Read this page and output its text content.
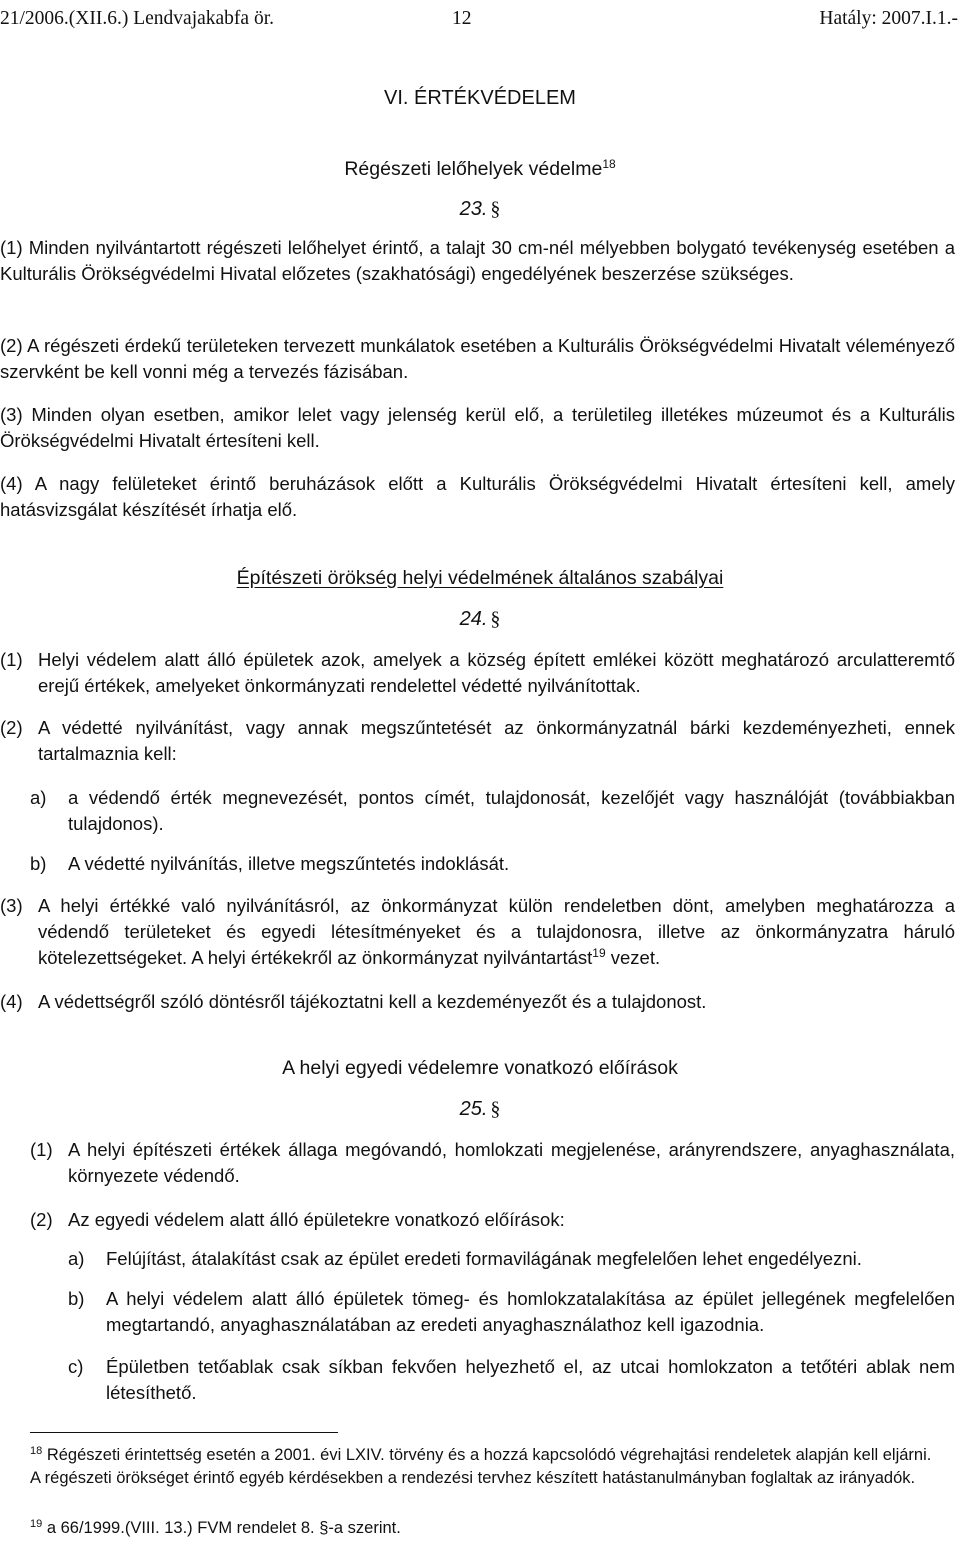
21/2006.(XII.6.) Lendvajakabfa ör.	12	Hatály: 2007.I.1.-
VI. ÉRTÉKVÉDELEM
Régészeti lelőhelyek védelme$^{18}$
23. §
(1) Minden nyilvántartott régészeti lelőhelyet érintő, a talajt 30 cm-nél mélyebben bolygató tevékenység esetében a Kulturális Örökségvédelmi Hivatal előzetes (szakhatósági) engedélyének beszerzése szükséges.
(2) A régészeti érdekű területeken tervezett munkálatok esetében a Kulturális Örökségvédelmi Hivatalt véleményező szervként be kell vonni még a tervezés fázisában.
(3) Minden olyan esetben, amikor lelet vagy jelenség kerül elő, a területileg illetékes múzeumot és a Kulturális Örökségvédelmi Hivatalt értesíteni kell.
(4) A nagy felületeket érintő beruházások előtt a Kulturális Örökségvédelmi Hivatalt értesíteni kell, amely hatásvizsgálat készítését írhatja elő.
Építészeti örökség helyi védelmének általános szabályai
24. §
(1) Helyi védelem alatt álló épületek azok, amelyek a község épített emlékei között meghatározó arculatteremtő erejű értékek, amelyeket önkormányzati rendelettel védetté nyilvánítottak.
(2) A védetté nyilvánítást, vagy annak megszűntetését az önkormányzatnál bárki kezdeményezheti, ennek tartalmaznia kell:
a)	a védendő érték megnevezését, pontos címét, tulajdonosát, kezelőjét vagy használóját (továbbiakban tulajdonos).
b)	A védetté nyilvánítás, illetve megszűntetés indoklását.
(3) A helyi értékké való nyilvánításról, az önkormányzat külön rendeletben dönt, amelyben meghatározza a védendő területeket és egyedi létesítményeket és a tulajdonosra, illetve az önkormányzatra háruló kötelezettségeket. A helyi értékekről az önkormányzat nyilvántartást$^{19}$ vezet.
(4) A védettségről szóló döntésről tájékoztatni kell a kezdeményezőt és a tulajdonost.
A helyi egyedi védelemre vonatkozó előírások
25. §
(1) A helyi építészeti értékek állaga megóvandó, homlokzati megjelenése, arányrendszere, anyaghasználata, környezete védendő.
(2) Az egyedi védelem alatt álló épületekre vonatkozó előírások:
a)	Felújítást, átalakítást csak az épület eredeti formavilágának megfelelően lehet engedélyezni.
b)	A helyi védelem alatt álló épületek tömeg- és homlokzatalakítása az épület jellegének megfelelően megtartandó, anyaghasználatában az eredeti anyaghasználathoz kell igazodnia.
c)	Épületben tetőablak csak síkban fekvően helyezhető el, az utcai homlokzaton a tetőtéri ablak nem létesíthető.
$^{18}$ Régészeti érintettség esetén a 2001. évi LXIV. törvény és a hozzá kapcsolódó végrehajtási rendeletek alapján kell eljárni. A régészeti örökséget érintő egyéb kérdésekben a rendezési tervhez készített hatástanulmányban foglaltak az irányadók.
$^{19}$ a 66/1999.(VIII. 13.) FVM rendelet 8. §-a szerint.
